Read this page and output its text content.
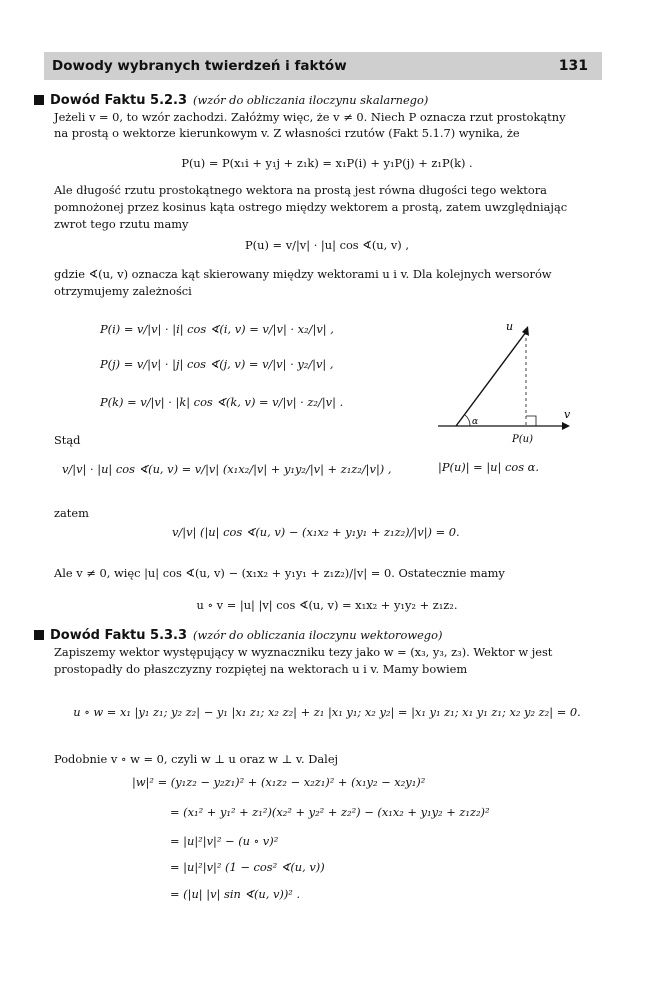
Dowody wybranych twierdzeń i faktów	131
Dowód Faktu 5.2.3 (wzór do obliczania iloczynu skalarnego)
Jeżeli v = 0, to wzór zachodzi. Załóżmy więc, że v ≠ 0. Niech P oznacza rzut prostokątny
na prostą o wektorze kierunkowym v. Z własności rzutów (Fakt 5.1.7) wynika, że
P(u) = P(x₁i + y₁j + z₁k) = x₁P(i) + y₁P(j) + z₁P(k) .
Ale długość rzutu prostokątnego wektora na prostą jest równa długości tego wektora
pomnożonej przez kosinus kąta ostrego między wektorem a prostą, zatem uwzględniając
zwrot tego rzutu mamy
P(u) = v/|v| · |u| cos ∢(u, v) ,
gdzie ∢(u, v) oznacza kąt skierowany między wektorami u i v. Dla kolejnych wersorów
otrzymujemy zależności
P(i) = v/|v| · |i| cos ∢(i, v) = v/|v| · x₂/|v| ,
P(j) = v/|v| · |j| cos ∢(j, v) = v/|v| · y₂/|v| ,
P(k) = v/|v| · |k| cos ∢(k, v) = v/|v| · z₂/|v| .
u
v
α
P(u)
Stąd
v/|v| · |u| cos ∢(u, v) = v/|v| (x₁x₂/|v| + y₁y₂/|v| + z₁z₂/|v|) ,	|P(u)| = |u| cos α.
zatem
v/|v| (|u| cos ∢(u, v) − (x₁x₂ + y₁y₁ + z₁z₂)/|v|) = 0.
Ale v ≠ 0, więc |u| cos ∢(u, v) − (x₁x₂ + y₁y₁ + z₁z₂)/|v| = 0. Ostatecznie mamy
u ∘ v = |u| |v| cos ∢(u, v) = x₁x₂ + y₁y₂ + z₁z₂.
Dowód Faktu 5.3.3 (wzór do obliczania iloczynu wektorowego)
Zapiszemy wektor występujący w wyznaczniku tezy jako w = (x₃, y₃, z₃). Wektor w jest
prostopadły do płaszczyzny rozpiętej na wektorach u i v. Mamy bowiem
u ∘ w = x₁ |y₁ z₁; y₂ z₂| − y₁ |x₁ z₁; x₂ z₂| + z₁ |x₁ y₁; x₂ y₂| = |x₁ y₁ z₁; x₁ y₁ z₁; x₂ y₂ z₂| = 0.
Podobnie v ∘ w = 0, czyli w ⊥ u oraz w ⊥ v. Dalej
|w|² = (y₁z₂ − y₂z₁)² + (x₁z₂ − x₂z₁)² + (x₁y₂ − x₂y₁)²
= (x₁² + y₁² + z₁²)(x₂² + y₂² + z₂²) − (x₁x₂ + y₁y₂ + z₁z₂)²
= |u|²|v|² − (u ∘ v)²
= |u|²|v|² (1 − cos² ∢(u, v))
= (|u| |v| sin ∢(u, v))² .
